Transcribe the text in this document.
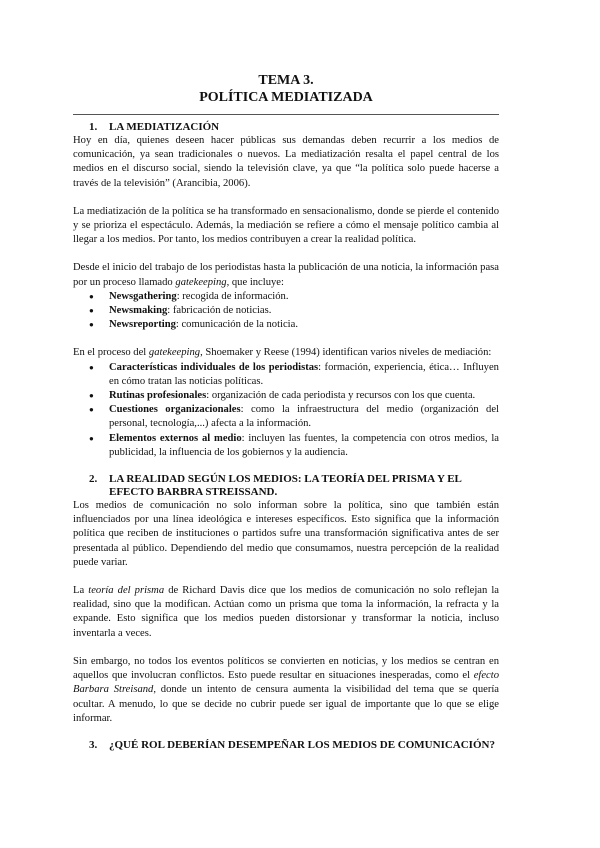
TEMA 3.
POLÍTICA MEDIATIZADA
1.	LA MEDIATIZACIÓN

Hoy en día, quienes deseen hacer públicas sus demandas deben recurrir a los medios de comunicación, ya sean tradicionales o nuevos. La mediatización resalta el papel central de los medios en el discurso social, siendo la televisión clave, ya que “la política solo puede hacerse a través de la televisión” (Arancibia, 2006).

La mediatización de la política se ha transformado en sensacionalismo, donde se pierde el contenido y se prioriza el espectáculo. Además, la mediación se refiere a cómo el mensaje político cambia al llegar a los medios. Por tanto, los medios contribuyen a crear la realidad política.

Desde el inicio del trabajo de los periodistas hasta la publicación de una noticia, la información pasa por un proceso llamado gatekeeping, que incluye:

● Newsgathering: recogida de información.
● Newsmaking: fabricación de noticias.
● Newsreporting: comunicación de la noticia.

En el proceso del gatekeeping, Shoemaker y Reese (1994) identifican varios niveles de mediación:

● Características individuales de los periodistas: formación, experiencia, ética… Influyen en cómo tratan las noticias políticas.
● Rutinas profesionales: organización de cada periodista y recursos con los que cuenta.
● Cuestiones organizacionales: como la infraestructura del medio (organización del personal, tecnología,...) afecta a la información.
● Elementos externos al medio: incluyen las fuentes, la competencia con otros medios, la publicidad, la influencia de los gobiernos y la audiencia.
2.	LA REALIDAD SEGÚN LOS MEDIOS: LA TEORÍA DEL PRISMA Y EL EFECTO BARBRA STREISSAND.

Los medios de comunicación no solo informan sobre la política, sino que también están influenciados por una línea ideológica e intereses específicos. Esto significa que la información política que reciben de instituciones o partidos sufre una transformación significativa antes de ser presentada al público. Dependiendo del medio que consumamos, nuestra percepción de la realidad puede variar.

La teoría del prisma de Richard Davis dice que los medios de comunicación no solo reflejan la realidad, sino que la modifican. Actúan como un prisma que toma la información, la refracta y la expande. Esto significa que los medios pueden distorsionar y transformar la noticia, incluso inventarla a veces.

Sin embargo, no todos los eventos políticos se convierten en noticias, y los medios se centran en aquellos que involucran conflictos. Esto puede resultar en situaciones inesperadas, como el efecto Barbara Streisand, donde un intento de censura aumenta la visibilidad del tema que se quería ocultar. A menudo, lo que se decide no cubrir puede ser igual de importante que lo que se elige informar.

3.	¿QUÉ ROL DEBERÍAN DESEMPEÑAR LOS MEDIOS DE COMUNICACIÓN?
